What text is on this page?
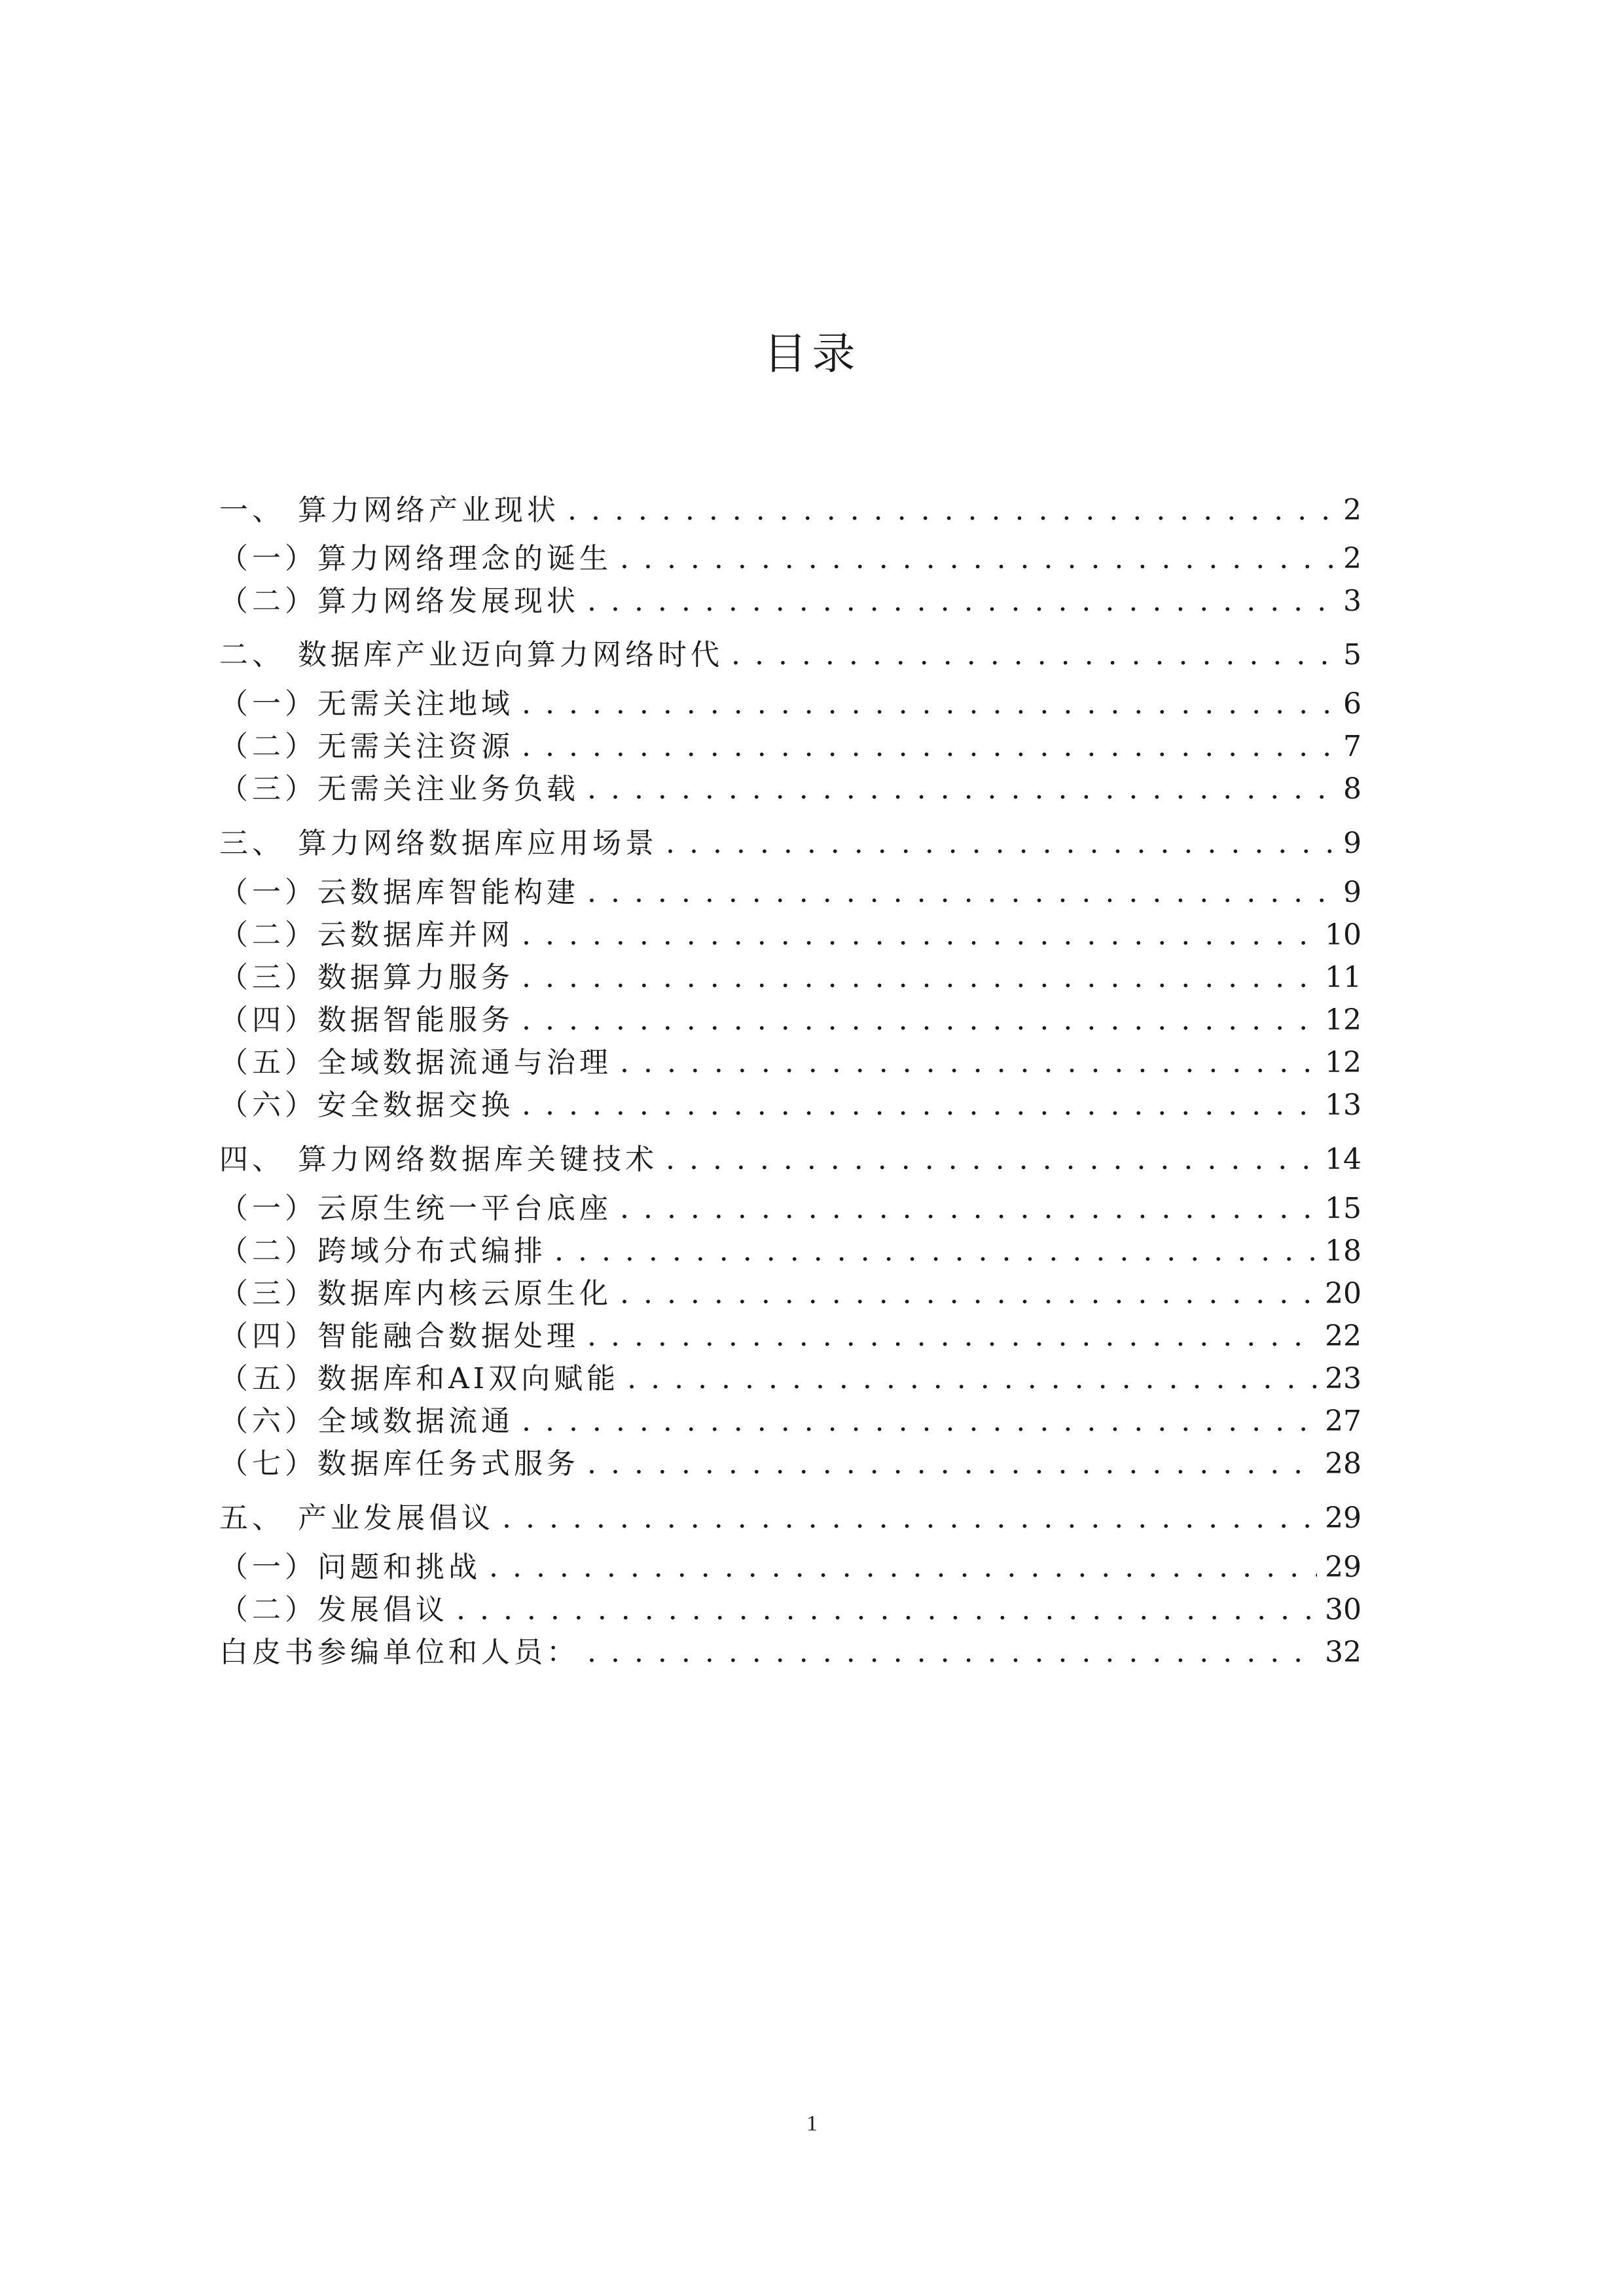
目录
一、 算力网络产业现状 . . .	2
（一）算力网络理念的诞生 . . .	2
（二）算力网络发展现状 . . .	3
二、 数据库产业迈向算力网络时代 . . .	5
（一）无需关注地域 . . .	6
（二）无需关注资源 . . .	7
（三）无需关注业务负载 . . .	8
三、 算力网络数据库应用场景 . . .	9
（一）云数据库智能构建 . . .	9
（二）云数据库并网 . . .	10
（三）数据算力服务 . . .	11
（四）数据智能服务 . . .	12
（五）全域数据流通与治理 . . .	12
（六）安全数据交换 . . .	13
四、 算力网络数据库关键技术 . . .	14
（一）云原生统一平台底座 . . .	15
（二）跨域分布式编排 . . .	18
（三）数据库内核云原生化 . . .	20
（四）智能融合数据处理 . . .	22
（五）数据库和AI双向赋能 . . .	23
（六）全域数据流通 . . .	27
（七）数据库任务式服务 . . .	28
五、 产业发展倡议 . . .	29
（一）问题和挑战 . . .	29
（二）发展倡议 . . .	30
白皮书参编单位和人员： . . .	32
1
